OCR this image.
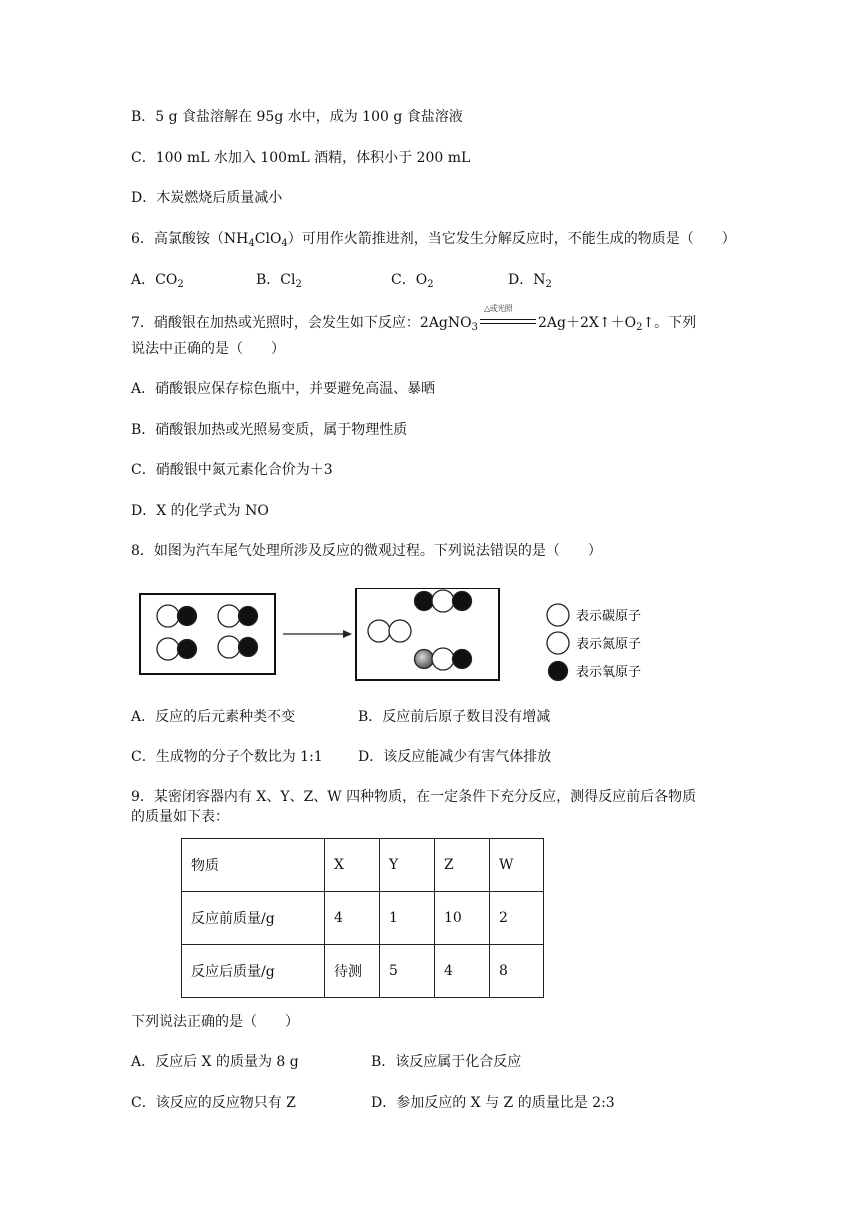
B．5 g 食盐溶解在 95g 水中，成为 100 g 食盐溶液
C．100 mL 水加入 100mL 酒精，体积小于 200 mL
D．木炭燃烧后质量减小
6．高氯酸铵$(NH_4ClO_4)$可用作火箭推进剂，当它发生分解反应时，不能生成的物质是（　　）
A．$CO_2$	B．$Cl_2$	C．$O_2$	D．$N_2$
7．硝酸银在加热或光照时，会发生如下反应：2AgNO$_3$
△或光照
$2Ag+2X↑+O_2↑$。下列
说法中正确的是（　　）
A．硝酸银应保存棕色瓶中，并要避免高温、暴晒
B．硝酸银加热或光照易变质，属于物理性质
C．硝酸银中氮元素化合价为＋3
D．X 的化学式为 NO
8．如图为汽车尾气处理所涉及反应的微观过程。下列说法错误的是（　　）
表示碳原子
表示氮原子
表示氧原子
A．反应的后元素种类不变	B．反应前后原子数目没有增减
C．生成物的分子个数比为 1:1	D．该反应能减少有害气体排放
9．某密闭容器内有 X、Y、Z、W 四种物质，在一定条件下充分反应，测得反应前后各物质
的质量如下表：
物质	X	Y	Z	W
反应前质量/g	4	1	10	2
反应后质量/g	待测	5	4	8
下列说法正确的是（　　）
A．反应后 X 的质量为 8 g	B．该反应属于化合反应
C．该反应的反应物只有 Z	D．参加反应的 X 与 Z 的质量比是 2:3
